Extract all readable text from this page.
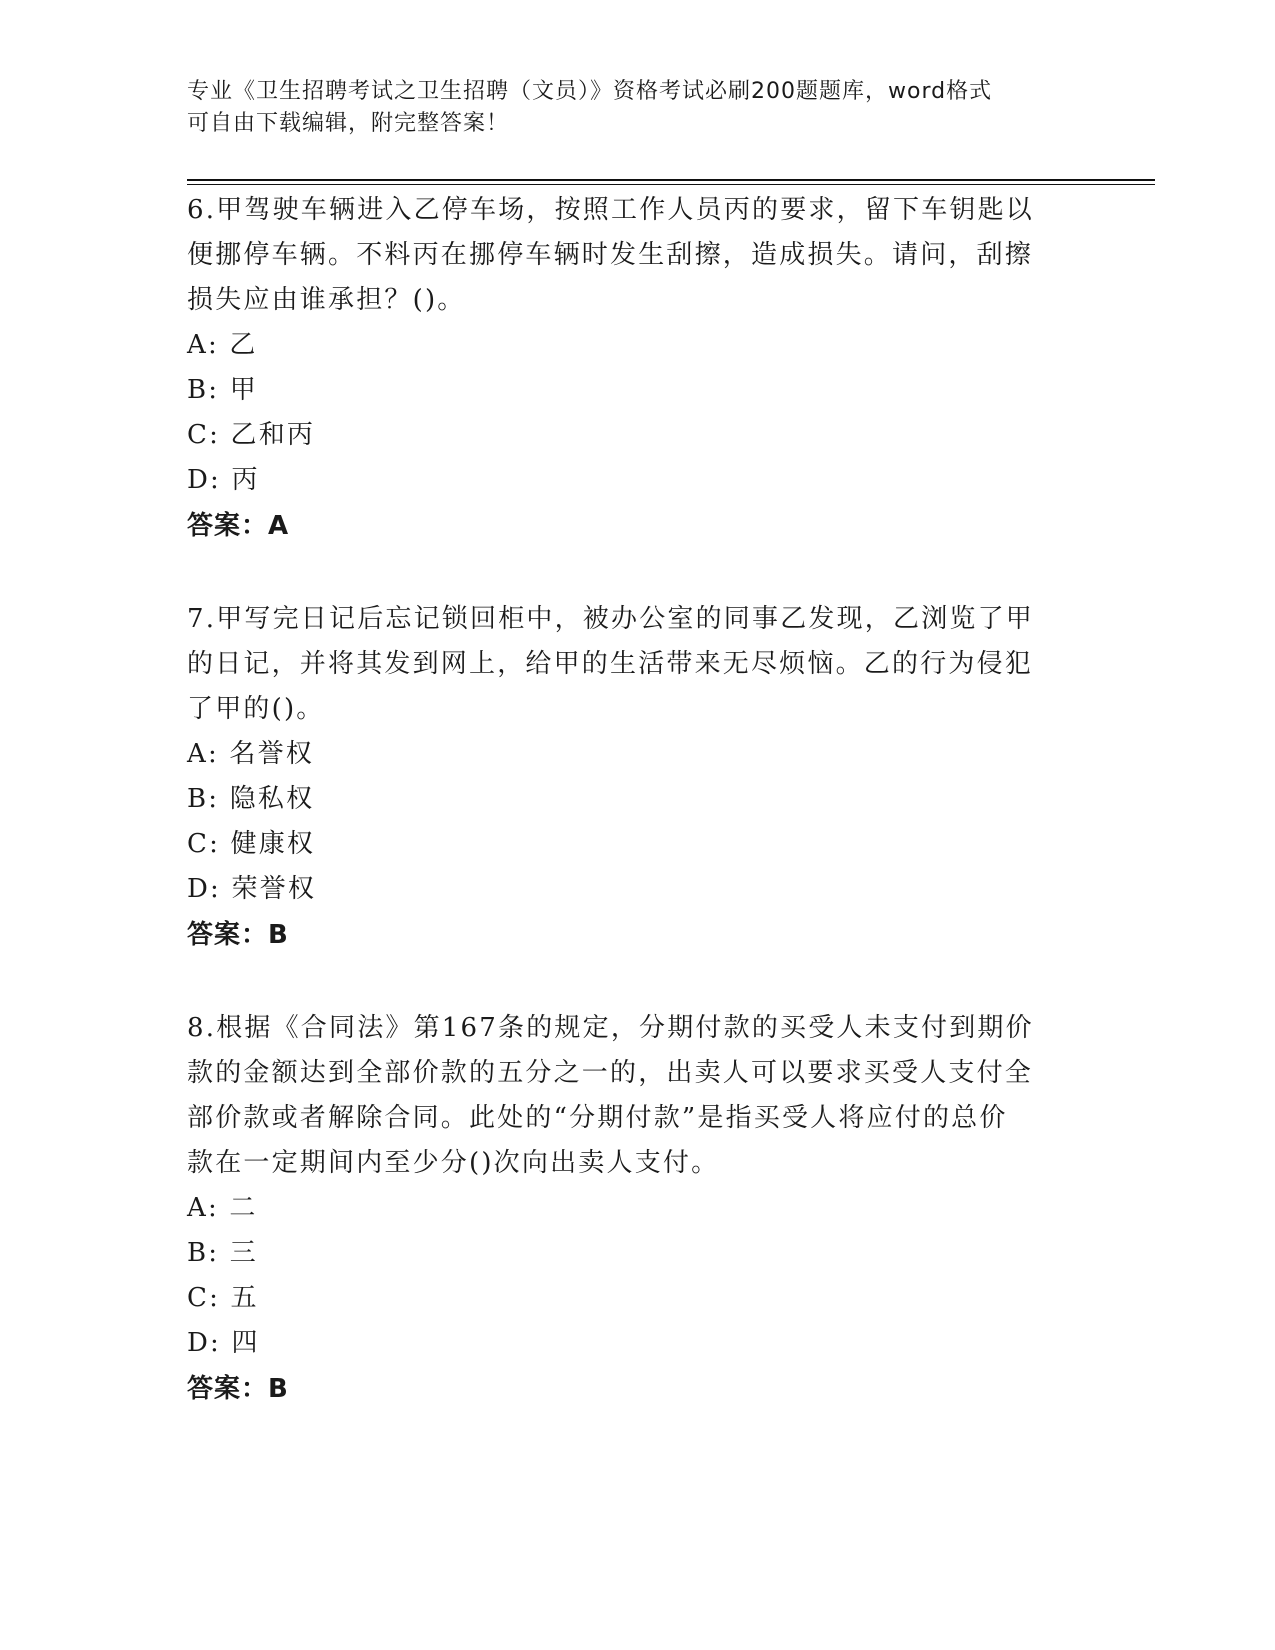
专业《卫生招聘考试之卫生招聘（文员）》资格考试必刷200题题库，word格式
可自由下载编辑，附完整答案！

6.甲驾驶车辆进入乙停车场，按照工作人员丙的要求，留下车钥匙以

便挪停车辆。不料丙在挪停车辆时发生刮擦，造成损失。请问，刮擦

损失应由谁承担？()。

A: 乙

B: 甲

C: 乙和丙

D: 丙

答案：A

7.甲写完日记后忘记锁回柜中，被办公室的同事乙发现，乙浏览了甲

的日记，并将其发到网上，给甲的生活带来无尽烦恼。乙的行为侵犯

了甲的()。

A: 名誉权

B: 隐私权

C: 健康权

D: 荣誉权

答案：B

8.根据《合同法》第167条的规定，分期付款的买受人未支付到期价

款的金额达到全部价款的五分之一的，出卖人可以要求买受人支付全

部价款或者解除合同。此处的“分期付款”是指买受人将应付的总价

款在一定期间内至少分()次向出卖人支付。

A: 二

B: 三

C: 五

D: 四

答案：B
